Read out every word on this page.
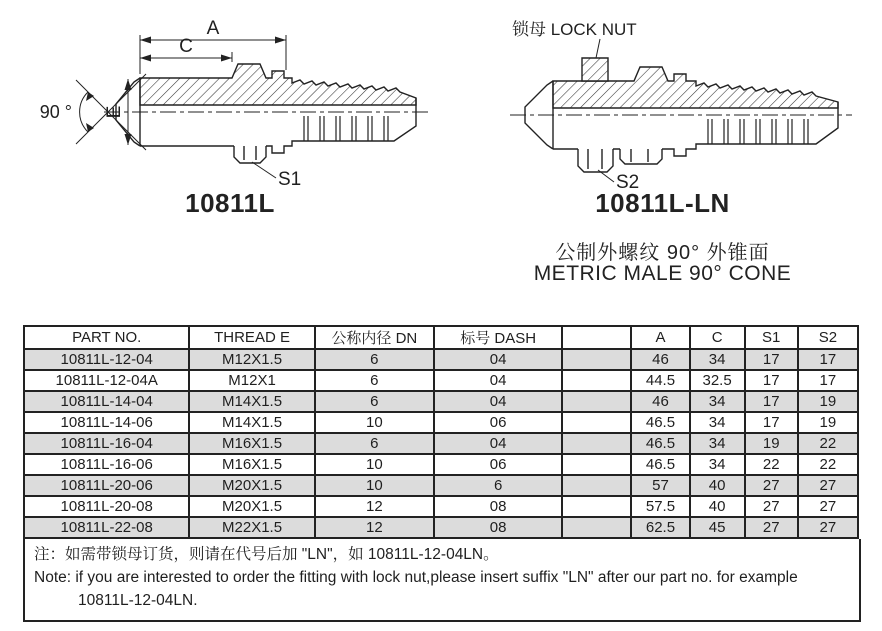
A
C
E
90 °
S1
10811L
锁母 LOCK NUT
S2
10811L-LN
公制外螺纹 90° 外锥面
METRIC MALE 90° CONE
PART NO.	THREAD E	公称内径 DN	标号 DASH		A	C	S1	S2
10811L-12-04	M12X1.5	6	04		46	34	17	17
10811L-12-04A	M12X1	6	04		44.5	32.5	17	17
10811L-14-04	M14X1.5	6	04		46	34	17	19
10811L-14-06	M14X1.5	10	06		46.5	34	17	19
10811L-16-04	M16X1.5	6	04		46.5	34	19	22
10811L-16-06	M16X1.5	10	06		46.5	34	22	22
10811L-20-06	M20X1.5	10	6		57	40	27	27
10811L-20-08	M20X1.5	12	08		57.5	40	27	27
10811L-22-08	M22X1.5	12	08		62.5	45	27	27
注：如需带锁母订货，则请在代号后加 "LN"，如 10811L-12-04LN。
Note: if you are interested to order the fitting with lock nut,please insert suffix "LN" after our part no. for example
10811L-12-04LN.
